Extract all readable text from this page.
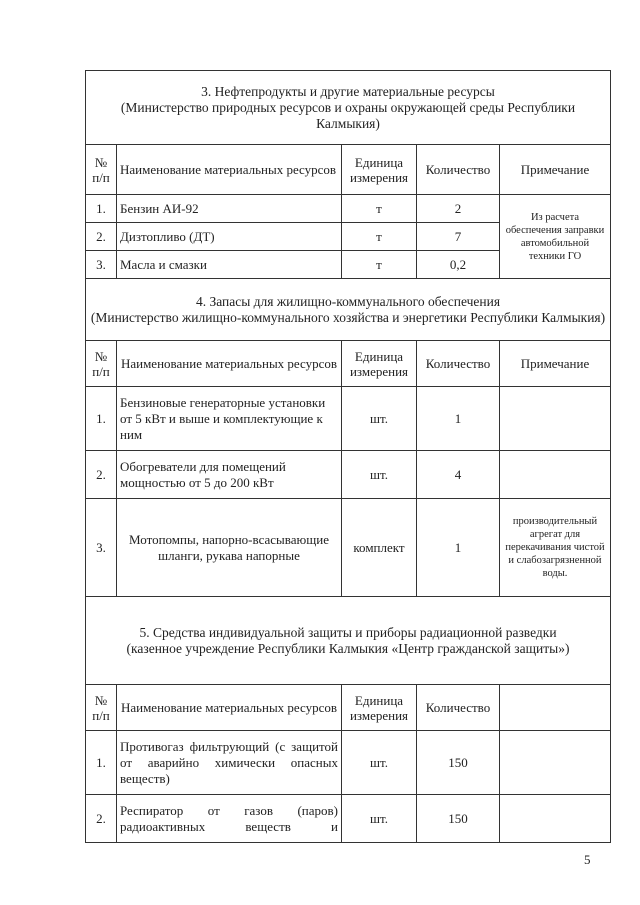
3. Нефтепродукты и другие материальные ресурсы
(Министерство природных ресурсов и охраны окружающей среды Республики Калмыкия)				

№ п/п	Наименование материальных ресурсов	Единица измерения	Количество	Примечание
1.	Бензин АИ-92	т	2	Из расчета обеспечения заправки автомобильной техники ГО
2.	Дизтопливо (ДТ)	т	7	
3.	Масла и смазки	т	0,2	

4. Запасы для жилищно-коммунального обеспечения
(Министерство жилищно-коммунального хозяйства и энергетики Республики Калмыкия)				

№ п/п	Наименование материальных ресурсов	Единица измерения	Количество	Примечание
1.	Бензиновые генераторные установки от 5 кВт и выше и комплектующие к ним	шт.	1	
2.	Обогреватели для помещений мощностью от 5 до 200 кВт	шт.	4	
3.	Мотопомпы, напорно-всасывающие шланги, рукава напорные	комплект	1	производительный агрегат для перекачивания чистой и слабозагрязненной воды.

5. Средства индивидуальной защиты и приборы радиационной разведки
(казенное учреждение Республики Калмыкия «Центр гражданской защиты»)				

№ п/п	Наименование материальных ресурсов	Единица измерения	Количество	
1.	Противогаз фильтрующий (с защитой от аварийно химически опасных веществ)	шт.	150	
2.	Респиратор от газов (паров) радиоактивных веществ и	шт.	150	
5
